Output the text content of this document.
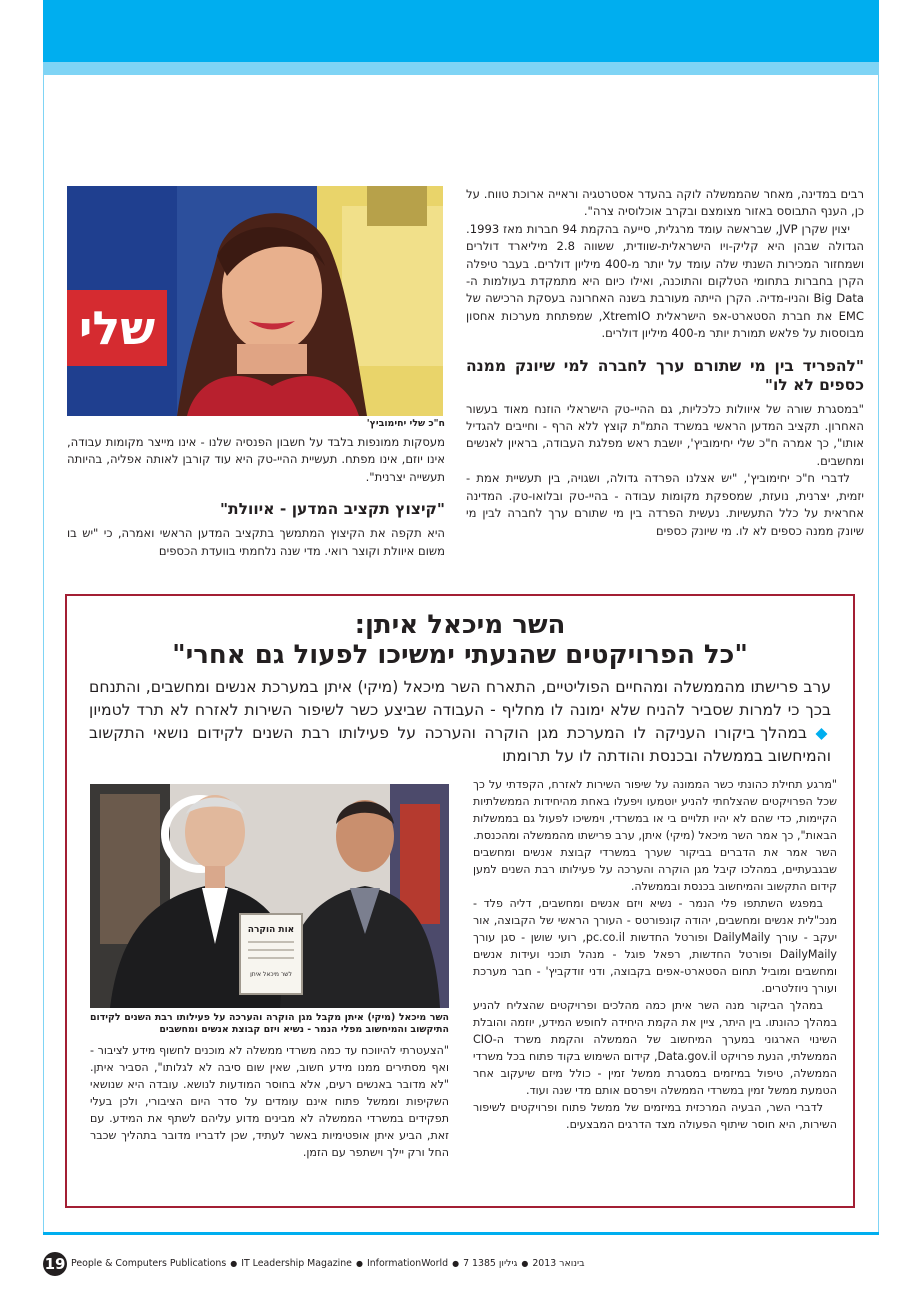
שלי

רבים במדינה, מאחר שהממשלה לוקה בהעדר אסטרטגיה וראייה ארוכת טווח. על כן, הענף התבוסס באזור מצומצם ובקרב אוכלוסיה צרה".

יצוין שקרן JVP, שבראשה עומד מרגלית, סייעה בהקמת 94 חברות מאז 1993. הגדולה שבהן היא קליק-ויו הישראלית-שוודית, ששווה 2.8 מיליארד דולרים ושמחזור המכירות השנתי שלה עומד על יותר מ-400 מיליון דולרים. בעבר טיפלה הקרן בחברות בתחומי הטלקום והתוכנה, ואילו כיום היא מתמקדת בעולמות ה-Big Data והניו-מדיה. הקרן הייתה מעורבת בשנה האחרונה בעסקת הרכישה של EMC את חברת הסטארט-אפ הישראלית XtremIO, שמפתחת מערכות אחסון מבוססות על פלאש תמורת יותר מ-400 מיליון דולרים.

"להפריד בין מי שתורם ערך לחברה למי שיונק ממנה כספים לא לו"

"במסגרת שורה של איוולות כלכליות, גם ההיי-טק הישראלי הוזנח מאוד בעשור האחרון. תקציב המדען הראשי במשרד התמ"ת קוצץ ללא הרף - וחייבים להגדיל אותו", כך אמרה ח"כ שלי יחימוביץ', יושבת ראש מפלגת העבודה, בראיון לאנשים ומחשבים.

לדברי ח"כ יחימוביץ', "יש אצלנו הפרדה גדולה, ושגויה, בין תעשיית אמת - יזמית, יצרנית, נועזת, שמספקת מקומות עבודה - בהיי-טק ובלואו-טק. המדינה אחראית על כלל התעשיות. נעשית הפרדה בין מי שתורם ערך לחברה לבין מי שיונק ממנה כספים לא לו. מי שיונק כספים

ח"כ שלי יחימוביץ'

מעסקות ממונפות בלבד על חשבון הפנסיה שלנו - אינו מייצר מקומות עבודה, אינו יוזם, אינו מפתח. תעשיית ההיי-טק היא עוד קורבן לאותה אפליה, בהיותה תעשייה יצרנית".

"קיצוץ תקציב המדען - איוולת"

היא תקפה את הקיצוץ המתמשך בתקציב המדען הראשי ואמרה, כי "יש בו משום איוולת וקוצר רואי. מדי שנה נלחמתי בוועדת הכספים

השר מיכאל איתן:
"כל הפרויקטים שהנעתי ימשיכו לפעול גם אחרי"

ערב פרישתו מהממשלה ומהחיים הפוליטיים, התארח השר מיכאל (מיקי) איתן במערכת אנשים ומחשבים, והתנחם בכך כי למרות שסביר להניח שלא ימונה לו מחליף - העבודה שביצע כשר לשיפור השירות לאזרח לא תרד לטמיון ◆ במהלך ביקורו העניקה לו המערכת מגן הוקרה והערכה על פעילותו רבת השנים לקידום נושאי התקשוב והמיחשוב בממשלה ובכנסת והודתה לו על תרומתו

"מרגע תחילת כהונתי כשר הממונה על שיפור השירות לאזרח, הקפדתי על כך שכל הפרויקטים שהצלחתי להניע יוטמעו ויפעלו באחת מהיחידות הממשלתיות הקיימות, כדי שהם לא יהיו תלויים בי או במשרדי, וימשיכו לפעול גם בממשלות הבאות", כך אמר השר מיכאל (מיקי) איתן, ערב פרישתו מהממשלה ומהכנסת. השר אמר את הדברים בביקור שערך במשרדי קבוצת אנשים ומחשבים שבגבעתיים, במהלכו קיבל מגן הוקרה והערכה על פעילותו רבת השנים למען קידום התקשוב והמיחשוב בכנסת ובממשלה.

במפגש השתתפו פלי הנמר - נשיא ויזם אנשים ומחשבים, דליה פלד - מנכ"לית אנשים ומחשבים, יהודה קונפורטס - העורך הראשי של הקבוצה, אור יעקב - עורך DailyMaily ופורטל החדשות pc.co.il, רועי שושן - סגן עורך DailyMaily ופורטל החדשות, רפאל פוגל - מנהל תוכני ועידות אנשים ומחשבים ומוביל תחום הסטארט-אפים בקבוצה, ודני זודקביץ' - חבר מערכת ועורך ניוזלטרים.

במהלך הביקור מנה השר איתן כמה מהלכים ופרויקטים שהצליח להניע במהלך כהונתו. בין היתר, ציין את הקמת היחידה לחופש המידע, יוזמה והובלת השינוי הארגוני במערך המיחשוב של הממשלה והקמת משרד ה-CIO הממשלתי, הנעת פרויקט Data.gov.il, קידום השימוש בקוד פתוח בכל משרדי הממשלה, טיפול במיזמים במסגרת ממשל זמין - כולל מיזם שיעקוב אחר הטמעת ממשל זמין במשרדי הממשלה ויפרסם אותם מדי שנה ועוד.

לדברי השר, הבעיה המרכזית במיזמים של ממשל פתוח ופרויקטים לשיפור השירות, היא חוסר שיתוף הפעולה מצד הדרגים המבצעים.

השר מיכאל (מיקי) איתן מקבל מגן הוקרה והערכה על פעילותו רבת השנים לקידום התיקשוב והמיחשוב מפלי הנמר - נשיא ויזם קבוצת אנשים ומחשבים

"הצעטרתי להיווכח עד כמה משרדי ממשלה לא מוכנים לחשוף מידע לציבור - ואף מסתירים ממנו מידע חשוב, שאין שום סיבה לא לגלותו", הסביר איתן. "לא מדובר באנשים רעים, אלא בחוסר המודעות לנושא. עובדה היא שנושאי השקיפות וממשל פתוח אינם עומדים על סדר היום הציבורי, ולכן בעלי תפקידים במשרדי הממשלה לא מבינים מדוע עליהם לשתף את המידע. עם זאת, הביע איתן אופטימיות באשר לעתיד, שכן לדבריו מדובר בתהליך שכבר החל ורק יילך וישתפר עם הזמן.

אות הוקרה
לשר מיכאל איתן
19 People & Computers Publications ● IT Leadership Magazine ● InformationWorld ● 7 בינואר 2013●גיליון 1385
